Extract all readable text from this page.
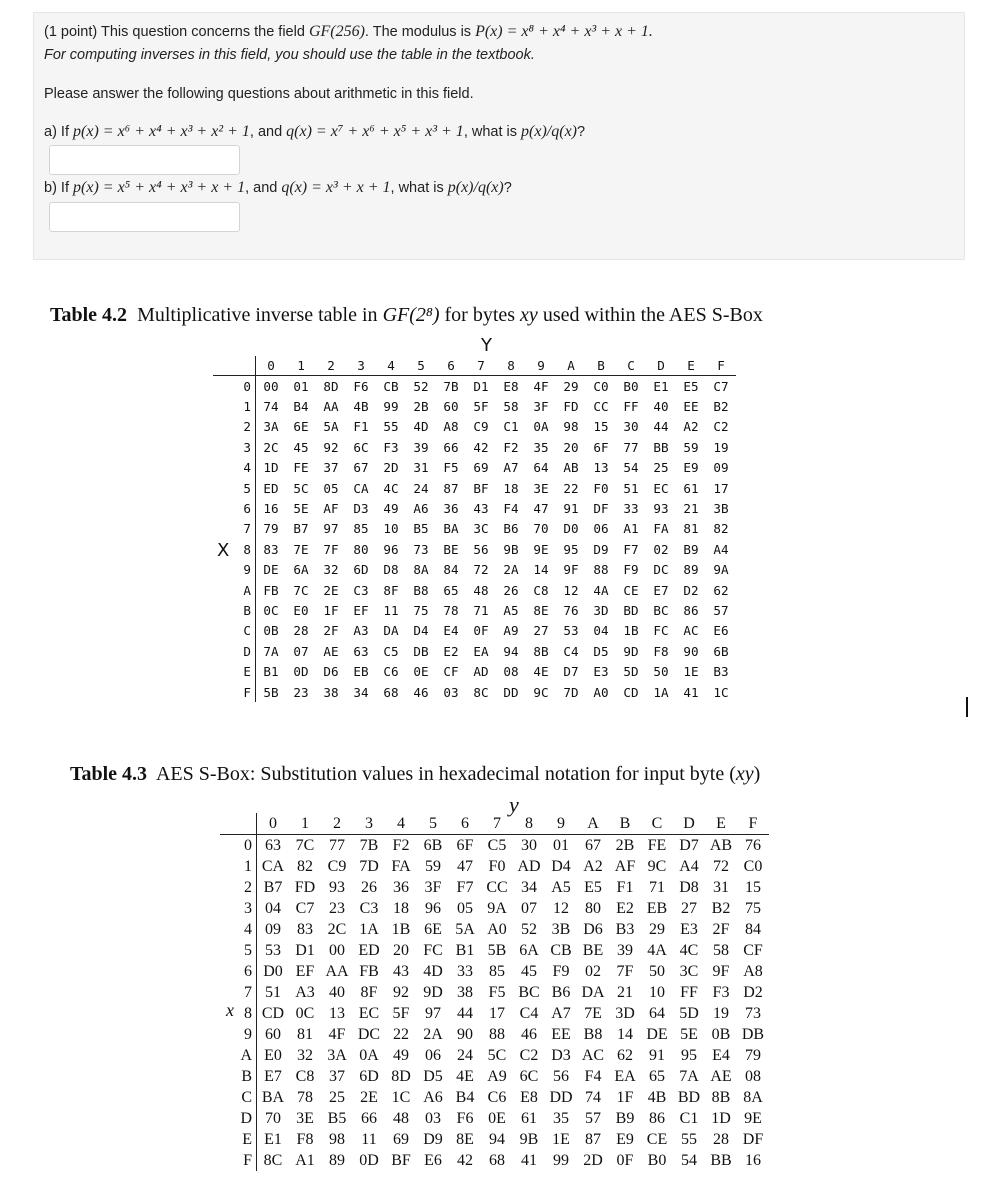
(1 point) This question concerns the field GF(256). The modulus is P(x) = x⁸ + x⁴ + x³ + x + 1.
For computing inverses in this field, you should use the table in the textbook.
Please answer the following questions about arithmetic in this field.
a) If p(x) = x⁶ + x⁴ + x³ + x² + 1, and q(x) = x⁷ + x⁶ + x⁵ + x³ + 1, what is p(x)/q(x)?
b) If p(x) = x⁵ + x⁴ + x³ + x + 1, and q(x) = x³ + x + 1, what is p(x)/q(x)?
Table 4.2  Multiplicative inverse table in GF(2⁸) for bytes xy used within the AES S-Box
Y
X
	0	1	2	3	4	5	6	7	8	9	A	B	C	D	E	F
0	00	01	8D	F6	CB	52	7B	D1	E8	4F	29	C0	B0	E1	E5	C7
1	74	B4	AA	4B	99	2B	60	5F	58	3F	FD	CC	FF	40	EE	B2
2	3A	6E	5A	F1	55	4D	A8	C9	C1	0A	98	15	30	44	A2	C2
3	2C	45	92	6C	F3	39	66	42	F2	35	20	6F	77	BB	59	19
4	1D	FE	37	67	2D	31	F5	69	A7	64	AB	13	54	25	E9	09
5	ED	5C	05	CA	4C	24	87	BF	18	3E	22	F0	51	EC	61	17
6	16	5E	AF	D3	49	A6	36	43	F4	47	91	DF	33	93	21	3B
7	79	B7	97	85	10	B5	BA	3C	B6	70	D0	06	A1	FA	81	82
8	83	7E	7F	80	96	73	BE	56	9B	9E	95	D9	F7	02	B9	A4
9	DE	6A	32	6D	D8	8A	84	72	2A	14	9F	88	F9	DC	89	9A
A	FB	7C	2E	C3	8F	B8	65	48	26	C8	12	4A	CE	E7	D2	62
B	0C	E0	1F	EF	11	75	78	71	A5	8E	76	3D	BD	BC	86	57
C	0B	28	2F	A3	DA	D4	E4	0F	A9	27	53	04	1B	FC	AC	E6
D	7A	07	AE	63	C5	DB	E2	EA	94	8B	C4	D5	9D	F8	90	6B
E	B1	0D	D6	EB	C6	0E	CF	AD	08	4E	D7	E3	5D	50	1E	B3
F	5B	23	38	34	68	46	03	8C	DD	9C	7D	A0	CD	1A	41	1C
Table 4.3  AES S-Box: Substitution values in hexadecimal notation for input byte (xy)
y
x
	0	1	2	3	4	5	6	7	8	9	A	B	C	D	E	F
0	63	7C	77	7B	F2	6B	6F	C5	30	01	67	2B	FE	D7	AB	76
1	CA	82	C9	7D	FA	59	47	F0	AD	D4	A2	AF	9C	A4	72	C0
2	B7	FD	93	26	36	3F	F7	CC	34	A5	E5	F1	71	D8	31	15
3	04	C7	23	C3	18	96	05	9A	07	12	80	E2	EB	27	B2	75
4	09	83	2C	1A	1B	6E	5A	A0	52	3B	D6	B3	29	E3	2F	84
5	53	D1	00	ED	20	FC	B1	5B	6A	CB	BE	39	4A	4C	58	CF
6	D0	EF	AA	FB	43	4D	33	85	45	F9	02	7F	50	3C	9F	A8
7	51	A3	40	8F	92	9D	38	F5	BC	B6	DA	21	10	FF	F3	D2
8	CD	0C	13	EC	5F	97	44	17	C4	A7	7E	3D	64	5D	19	73
9	60	81	4F	DC	22	2A	90	88	46	EE	B8	14	DE	5E	0B	DB
A	E0	32	3A	0A	49	06	24	5C	C2	D3	AC	62	91	95	E4	79
B	E7	C8	37	6D	8D	D5	4E	A9	6C	56	F4	EA	65	7A	AE	08
C	BA	78	25	2E	1C	A6	B4	C6	E8	DD	74	1F	4B	BD	8B	8A
D	70	3E	B5	66	48	03	F6	0E	61	35	57	B9	86	C1	1D	9E
E	E1	F8	98	11	69	D9	8E	94	9B	1E	87	E9	CE	55	28	DF
F	8C	A1	89	0D	BF	E6	42	68	41	99	2D	0F	B0	54	BB	16
